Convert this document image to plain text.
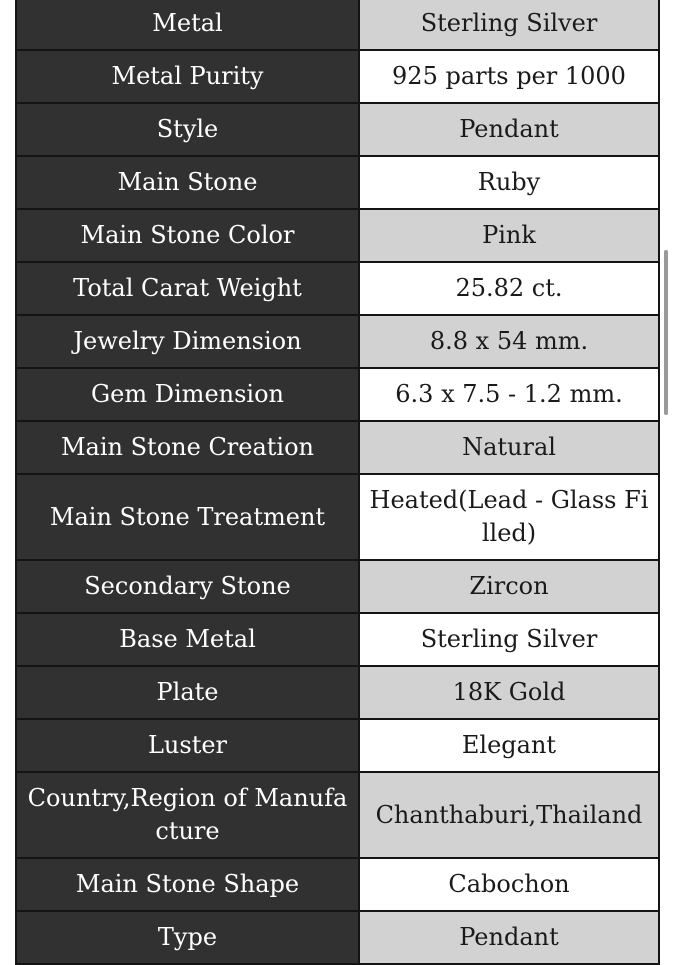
Metal	Sterling Silver
Metal Purity	925 parts per 1000
Style	Pendant
Main Stone	Ruby
Main Stone Color	Pink
Total Carat Weight	25.82 ct.
Jewelry Dimension	8.8 x 54 mm.
Gem Dimension	6.3 x 7.5 - 1.2 mm.
Main Stone Creation	Natural
Main Stone Treatment	Heated(Lead - Glass Filled)
Secondary Stone	Zircon
Base Metal	Sterling Silver
Plate	18K Gold
Luster	Elegant
Country,Region of Manufacture	Chanthaburi,Thailand
Main Stone Shape	Cabochon
Type	Pendant
